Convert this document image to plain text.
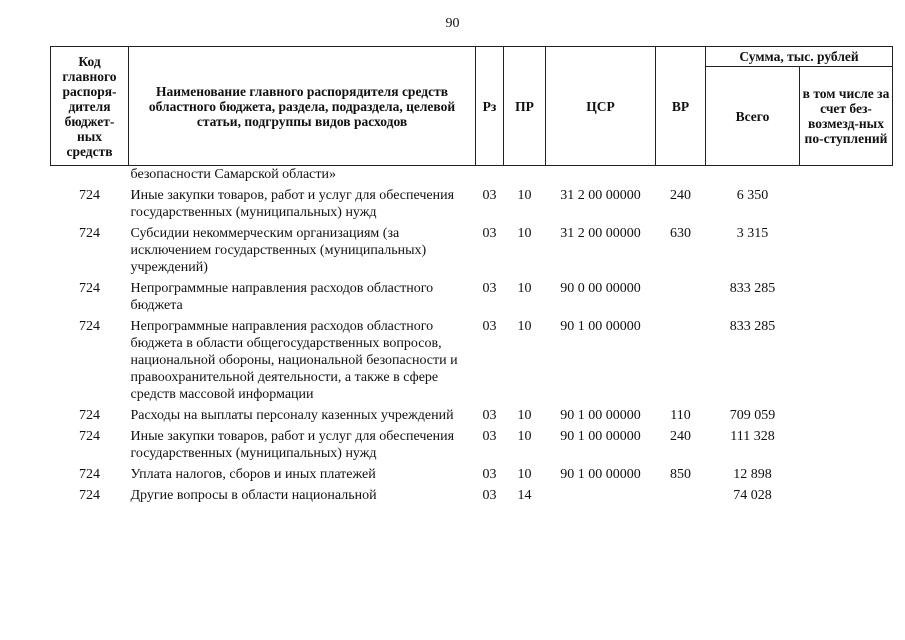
90
Код главного распоря-дителя бюджет-ных средств	Наименование главного распорядителя средств областного бюджета, раздела, подраздела, целевой статьи, подгруппы видов расходов	Рз	ПР	ЦСР	ВР	Сумма, тыс. рублей	
						Всего	в том числе за счет без-возмезд-ных по-ступлений
	безопасности Самарской области»						
724	Иные закупки товаров, работ и услуг для обеспечения государственных (муниципальных) нужд	03	10	31 2 00 00000	240	6 350	
724	Субсидии некоммерческим организациям (за исключением государственных (муниципальных) учреждений)	03	10	31 2 00 00000	630	3 315	
724	Непрограммные направления расходов областного бюджета	03	10	90 0 00 00000		833 285	
724	Непрограммные направления расходов областного бюджета в области общегосударственных вопросов, национальной обороны, национальной безопасности и правоохранительной деятельности, а также в сфере средств массовой информации	03	10	90 1 00 00000		833 285	
724	Расходы на выплаты персоналу казенных учреждений	03	10	90 1 00 00000	110	709 059	
724	Иные закупки товаров, работ и услуг для обеспечения государственных (муниципальных) нужд	03	10	90 1 00 00000	240	111 328	
724	Уплата налогов, сборов и иных платежей	03	10	90 1 00 00000	850	12 898	
724	Другие вопросы в области национальной	03	14			74 028	
